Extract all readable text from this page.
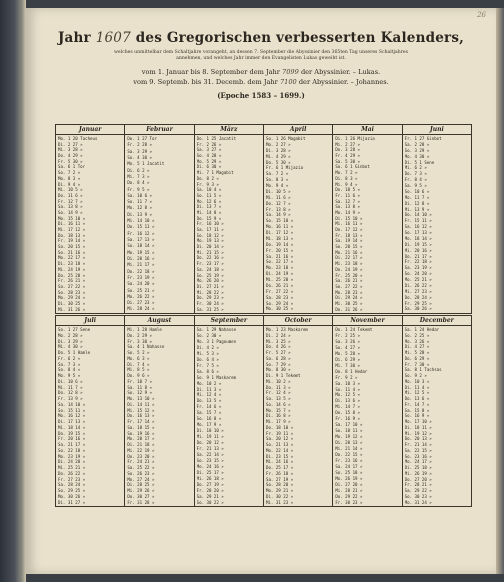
26
Jahr 1607 des Gregorischen verbesserten Kalenders,
welches unmittelbar dem Schaltjahre vorangeht, an dessen 7. September die Abyssinier den 365ten Tag unseres Schaltjahres
annehmen, und welches Jahr immer den Evangelisten Lukas geweiht ist.
vom 1. Januar bis 8. September dem Jahr 7099 der Abyssinier. – Lukas.
vom 9. Septemb. bis 31. Decemb. dem Jahr 7100 der Abyssinier. – Johannes.
(Epoche 1583 – 1699.)
Januar
Mo. 1 20 Tacheus
Di. 2 27 »
Mi. 3 28 »
Do. 4 29 »
Fr. 5 30 »
Sa. 6 1 Tor
So. 7 2 »
Mo. 8 3 »
Di. 9 4 »
Mi. 10 5 »
Do. 11 6 »
Fr. 12 7 »
Sa. 13 8 »
So. 14 9 »
Mo. 15 10 »
Di. 16 11 »
Mi. 17 12 »
Do. 18 13 »
Fr. 19 14 »
Sa. 20 15 »
So. 21 16 »
Mo. 22 17 »
Di. 23 18 »
Mi. 24 19 »
Do. 25 20 »
Fr. 26 21 »
Sa. 27 22 »
So. 28 23 »
Mo. 29 24 »
Di. 30 25 »
Mi. 31 26 »
Februar
Do. 1 27 Tor
Fr. 2 28 »
Sa. 3 29 »
So. 4 30 »
Mo. 5 1 Jacatit
Di. 6 2 »
Mi. 7 3 »
Do. 8 4 »
Fr. 9 5 »
Sa. 10 6 »
So. 11 7 »
Mo. 12 8 »
Di. 13 9 »
Mi. 14 10 »
Do. 15 11 »
Fr. 16 12 »
Sa. 17 13 »
So. 18 14 »
Mo. 19 15 »
Di. 20 16 »
Mi. 21 17 »
Do. 22 18 »
Fr. 23 19 »
Sa. 24 20 »
So. 25 21 »
Mo. 26 22 »
Di. 27 23 »
Mi. 28 24 »
März
Do. 1 25 Jacatit
Fr. 2 26 »
Sa. 3 27 »
So. 4 28 »
Mo. 5 29 »
Di. 6 30 »
Mi. 7 1 Magabit
Do. 8 2 »
Fr. 9 3 »
Sa. 10 4 »
So. 11 5 »
Mo. 12 6 »
Di. 13 7 »
Mi. 14 8 »
Do. 15 9 »
Fr. 16 10 »
Sa. 17 11 »
So. 18 12 »
Mo. 19 13 »
Di. 20 14 »
Mi. 21 15 »
Do. 22 16 »
Fr. 23 17 »
Sa. 24 18 »
So. 25 19 »
Mo. 26 20 »
Di. 27 21 »
Mi. 28 22 »
Do. 29 23 »
Fr. 30 24 »
Sa. 31 25 »
April
So. 1 26 Magabit
Mo. 2 27 »
Di. 3 28 »
Mi. 4 29 »
Do. 5 30 »
Fr. 6 1 Mijazia
Sa. 7 2 »
So. 8 3 »
Mo. 9 4 »
Di. 10 5 »
Mi. 11 6 »
Do. 12 7 »
Fr. 13 8 »
Sa. 14 9 »
So. 15 10 »
Mo. 16 11 »
Di. 17 12 »
Mi. 18 13 »
Do. 19 14 »
Fr. 20 15 »
Sa. 21 16 »
So. 22 17 »
Mo. 23 18 »
Di. 24 19 »
Mi. 25 20 »
Do. 26 21 »
Fr. 27 22 »
Sa. 28 23 »
So. 29 24 »
Mo. 30 25 »
Mai
Di. 1 26 Mijazia
Mi. 2 27 »
Do. 3 28 »
Fr. 4 29 »
Sa. 5 30 »
So. 6 1 Ginbot
Mo. 7 2 »
Di. 8 3 »
Mi. 9 4 »
Do. 10 5 »
Fr. 11 6 »
Sa. 12 7 »
So. 13 8 »
Mo. 14 9 »
Di. 15 10 »
Mi. 16 11 »
Do. 17 12 »
Fr. 18 13 »
Sa. 19 14 »
So. 20 15 »
Mo. 21 16 »
Di. 22 17 »
Mi. 23 18 »
Do. 24 19 »
Fr. 25 20 »
Sa. 26 21 »
So. 27 22 »
Mo. 28 23 »
Di. 29 24 »
Mi. 30 25 »
Do. 31 26 »
Juni
Fr. 1 27 Ginbot
Sa. 2 28 »
So. 3 29 »
Mo. 4 30 »
Di. 5 1 Sene
Mi. 6 2 »
Do. 7 3 »
Fr. 8 4 »
Sa. 9 5 »
So. 10 6 »
Mo. 11 7 »
Di. 12 8 »
Mi. 13 9 »
Do. 14 10 »
Fr. 15 11 »
Sa. 16 12 »
So. 17 13 »
Mo. 18 14 »
Di. 19 15 »
Mi. 20 16 »
Do. 21 17 »
Fr. 22 18 »
Sa. 23 19 »
So. 24 20 »
Mo. 25 21 »
Di. 26 22 »
Mi. 27 23 »
Do. 28 24 »
Fr. 29 25 »
Sa. 30 26 »
Juli
So. 1 27 Sene
Mo. 2 28 »
Di. 3 29 »
Mi. 4 30 »
Do. 5 1 Hamle
Fr. 6 2 »
Sa. 7 3 »
So. 8 4 »
Mo. 9 5 »
Di. 10 6 »
Mi. 11 7 »
Do. 12 8 »
Fr. 13 9 »
Sa. 14 10 »
So. 15 11 »
Mo. 16 12 »
Di. 17 13 »
Mi. 18 14 »
Do. 19 15 »
Fr. 20 16 »
Sa. 21 17 »
So. 22 18 »
Mo. 23 19 »
Di. 24 20 »
Mi. 25 21 »
Do. 26 22 »
Fr. 27 23 »
Sa. 28 24 »
So. 29 25 »
Mo. 30 26 »
Di. 31 27 »
August
Mi. 1 28 Hamle
Do. 2 29 »
Fr. 3 30 »
Sa. 4 1 Nahasse
So. 5 2 »
Mo. 6 3 »
Di. 7 4 »
Mi. 8 5 »
Do. 9 6 »
Fr. 10 7 »
Sa. 11 8 »
So. 12 9 »
Mo. 13 10 »
Di. 14 11 »
Mi. 15 12 »
Do. 16 13 »
Fr. 17 14 »
Sa. 18 15 »
So. 19 16 »
Mo. 20 17 »
Di. 21 18 »
Mi. 22 19 »
Do. 23 20 »
Fr. 24 21 »
Sa. 25 22 »
So. 26 23 »
Mo. 27 24 »
Di. 28 25 »
Mi. 29 26 »
Do. 30 27 »
Fr. 31 28 »
September
Sa. 1 29 Nahasse
So. 2 30 »
Mo. 3 1 Pagoumen
Di. 4 2 »
Mi. 5 3 »
Do. 6 4 »
Fr. 7 5 »
Sa. 8 6 »
So. 9 1 Maskarem
Mo. 10 2 »
Di. 11 3 »
Mi. 12 4 »
Do. 13 5 »
Fr. 14 6 »
Sa. 15 7 »
So. 16 8 »
Mo. 17 9 »
Di. 18 10 »
Mi. 19 11 »
Do. 20 12 »
Fr. 21 13 »
Sa. 22 14 »
So. 23 15 »
Mo. 24 16 »
Di. 25 17 »
Mi. 26 18 »
Do. 27 19 »
Fr. 28 20 »
Sa. 29 21 »
So. 30 22 »
October
Mo. 1 23 Maskarem
Di. 2 24 »
Mi. 3 25 »
Do. 4 26 »
Fr. 5 27 »
Sa. 6 28 »
So. 7 29 »
Mo. 8 30 »
Di. 9 1 Tekemt
Mi. 10 2 »
Do. 11 3 »
Fr. 12 4 »
Sa. 13 5 »
So. 14 6 »
Mo. 15 7 »
Di. 16 8 »
Mi. 17 9 »
Do. 18 10 »
Fr. 19 11 »
Sa. 20 12 »
So. 21 13 »
Mo. 22 14 »
Di. 23 15 »
Mi. 24 16 »
Do. 25 17 »
Fr. 26 18 »
Sa. 27 19 »
So. 28 20 »
Mo. 29 21 »
Di. 30 22 »
Mi. 31 23 »
November
Do. 1 24 Tekemt
Fr. 2 25 »
Sa. 3 26 »
So. 4 27 »
Mo. 5 28 »
Di. 6 29 »
Mi. 7 30 »
Do. 8 1 Hedar
Fr. 9 2 »
Sa. 10 3 »
So. 11 4 »
Mo. 12 5 »
Di. 13 6 »
Mi. 14 7 »
Do. 15 8 »
Fr. 16 9 »
Sa. 17 10 »
So. 18 11 »
Mo. 19 12 »
Di. 20 13 »
Mi. 21 14 »
Do. 22 15 »
Fr. 23 16 »
Sa. 24 17 »
So. 25 18 »
Mo. 26 19 »
Di. 27 20 »
Mi. 28 21 »
Do. 29 22 »
Fr. 30 23 »
December
Sa. 1 24 Hedar
So. 2 25 »
Mo. 3 26 »
Di. 4 27 »
Mi. 5 28 »
Do. 6 29 »
Fr. 7 30 »
Sa. 8 1 Tachsas
So. 9 2 »
Mo. 10 3 »
Di. 11 4 »
Mi. 12 5 »
Do. 13 6 »
Fr. 14 7 »
Sa. 15 8 »
So. 16 9 »
Mo. 17 10 »
Di. 18 11 »
Mi. 19 12 »
Do. 20 13 »
Fr. 21 14 »
Sa. 22 15 »
So. 23 16 »
Mo. 24 17 »
Di. 25 18 »
Mi. 26 19 »
Do. 27 20 »
Fr. 28 21 »
Sa. 29 22 »
So. 30 23 »
Mo. 31 24 »
